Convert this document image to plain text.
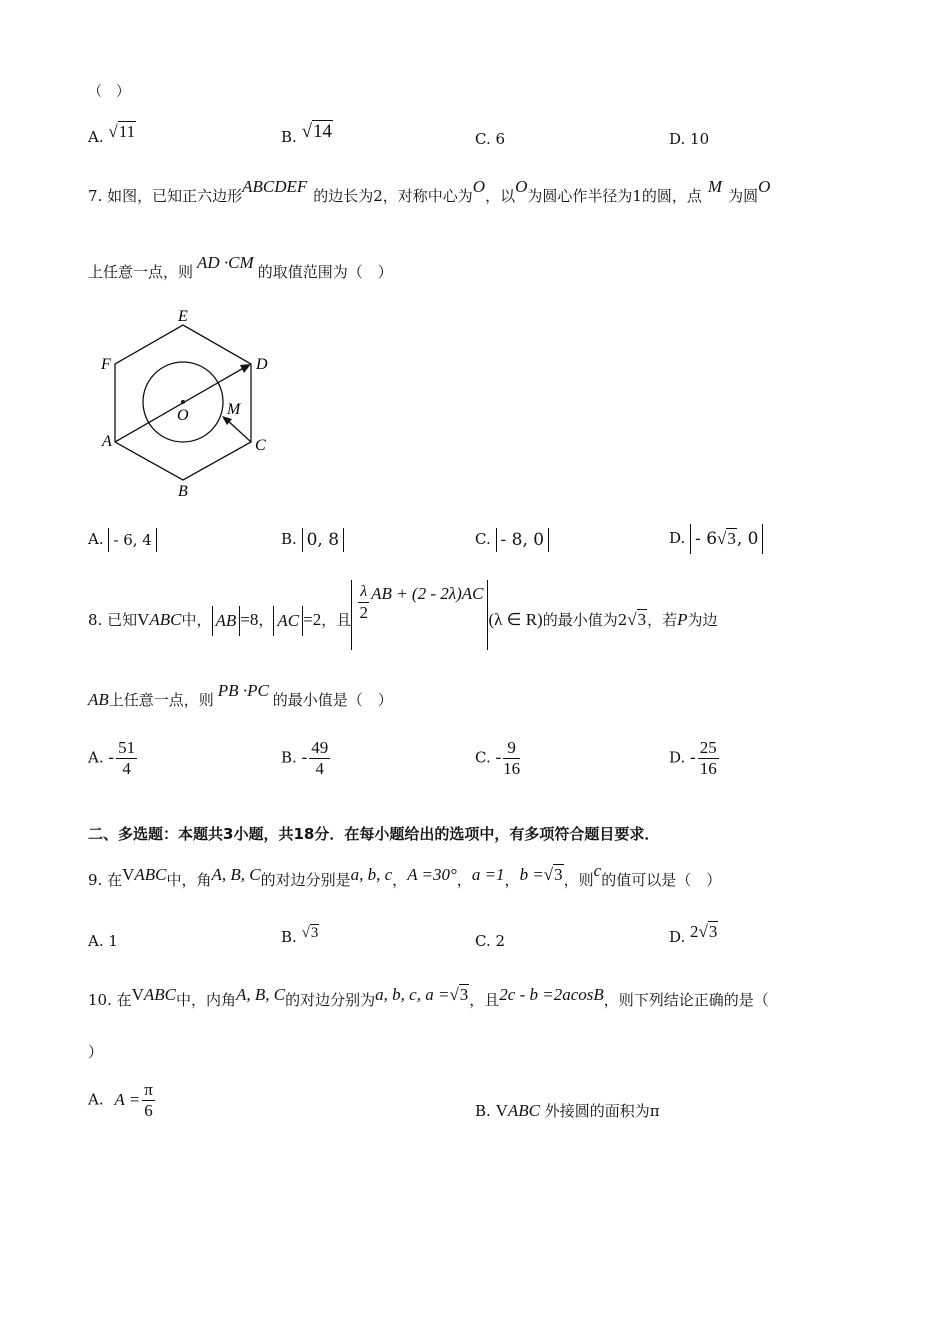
（　）
A. √11	B. √14	C. 6	D. 10
7. 如图，已知正六边形ABCDEF 的边长为2，对称中心为O，以O为圆心作半径为1的圆，点 M 为圆O
上任意一点，则 AD ·CM 的取值范围为（　）
E
F	D
O M
A	C
B
A. - 6, 4	B. 0, 8	C. - 8, 0	D. - 6√3, 0
8. 已知VABC中， AB =8， AC =2，且 $\frac{\lambda}{2}$ AB + (2 - 2λ)AC(λ ∈ R)的最小值为2√3，若P为边
AB上任意一点，则 PB ·PC 的最小值是（　）
A. - $\frac{51}{4}$	B. - $\frac{49}{4}$	C. - $\frac{9}{16}$	D. - $\frac{25}{16}$
二、多选题：本题共3小题，共18分．在每小题给出的选项中，有多项符合题目要求．
9. 在VABC中，角A, B, C的对边分别是a, b, c，A =30°，a =1，b =√3，则c的值可以是（　）
A. 1	B. √3	C. 2	D. 2√3
10. 在VABC中，内角A, B, C的对边分别为a, b, c, a =√3，且2c - b =2acosB，则下列结论正确的是（
）
A. $A = \frac{\pi}{6}$	B. VABC 外接圆的面积为π
